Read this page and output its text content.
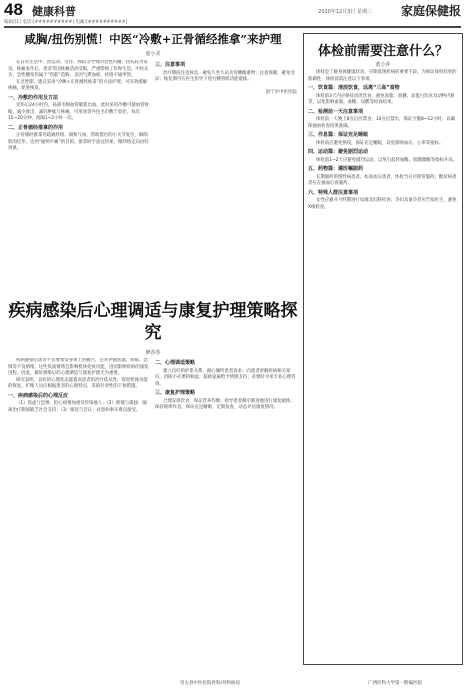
48 健康科普
编辑/[1] 电话:[##########] 电邮:[##########]
2020年12月3日 星期三 家庭保健报
咸胸/扭伤别慌！中医“冷敷+正骨循经推拿”来护理
庞小美

在日常生活中，因运动、劳作、摔跤等导致的急性闪腰、扭伤较为常见。疼痛发作后，患者常因疼痛活动受限，严重影响工作和生活。中医认为，急性腰扭伤属于“伤筋”范畴，多因气滞血瘀、经络不通所致。

在急性期，建议采用“冷敷+正骨循经推拿”的方法护理，可有效缓解疼痛，促进恢复。

一、冷敷的作用及方法

受伤后24小时内，局部毛细血管破裂出血，此时采用冷敷可使血管收缩，减少渗出，减轻肿胀与疼痛。可用冰袋外包毛巾敷于患处，每次15~20分钟，间隔1~2小时一次。

二、正骨循经推拿的作用

正骨循经推拿可疏通经络、调和气血，帮助错位的小关节复位，解除肌肉痉挛，达到“通则不痛”的目的。推拿时手法宜轻柔，循经络走向由轻到重。

三、注意事项

治疗期间注意休息，避免久坐久站及弯腰搬重物；注意保暖，避免受凉；恢复期可在医生指导下进行腰背肌功能锻炼。

南宁市中医医院
疾病感染后心理调适与康复护理策略探究
廖莎莎

疾病感染后患者不仅要承受身体上的痛苦，还常伴随焦虑、抑郁、恐惧等不良情绪。这些负面情绪会影响机体免疫功能，进而影响疾病的康复进程。因此，做好感染后的心理调适与康复护理尤为重要。

研究表明，良好的心理状态能提高患者的治疗依从性，促进机体功能的恢复。护理人员应根据患者的心理特点，采取针对性的干预措施。

一、疾病感染后的心理反应

（1）焦虑与恐惧：担心病情加重及传染他人；（2）抑郁与孤独：隔离治疗期间缺乏社会支持；（3）愤怒与否认：对患病事实难以接受。

二、心理调适策略

建立良好的护患关系，耐心倾听患者诉求；向患者讲解疾病相关知识，消除不必要的顾虑；鼓励家属给予情感支持；必要时寻求专业心理咨询。

三、康复护理策略

合理安排饮食，保证营养均衡；指导患者循序渐进地进行康复锻炼；保持规律作息，保证充足睡眠；定期复查，动态评估康复情况。

崇左县中医医院骨科/外科病房
体检前需要注意什么？
蓝小萍

体检是了解身体健康状况、早期发现疾病的重要手段。为保证体检结果的准确性，体检前需注意以下事项。

一、饮食篇：清淡饮食，远离“三高”食物

体检前3天内应保持清淡饮食，避免高脂、高糖、高蛋白饮食及动物内脏等，以免影响血脂、血糖、尿酸等检查结果。

二、检测前一天注意事项

体检前一天晚上8点后应禁食，10点后禁水，保证空腹8~12小时，以确保抽血检查结果准确。

三、作息篇：保证充足睡眠

体检前应避免熬夜，保证充足睡眠，以免影响血压、心率等指标。

四、运动篇：避免剧烈运动

体检前1~2天应避免剧烈运动，以免引起转氨酶、肌酸激酶等指标升高。

五、药物篇：遵医嘱服药

长期服药的慢性病患者，如高血压患者，体检当日可照常服药；糖尿病患者应在抽血后再服药。

六、特殊人群注意事项

女性应避开月经期进行尿液及妇科检查；孕妇及备孕者应告知医生，避免X线检查。

广西医科大学第一附属医院
